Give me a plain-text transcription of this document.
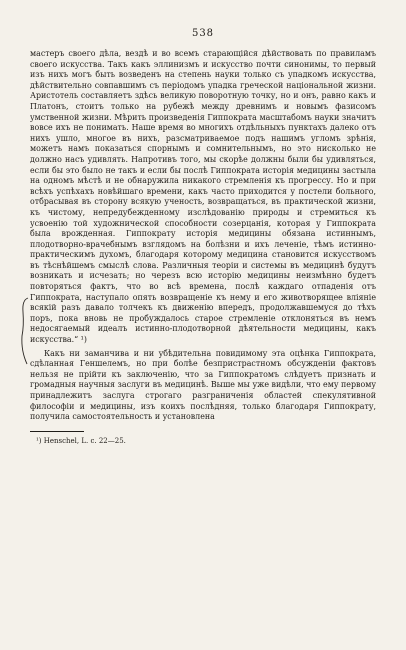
538

мастеръ своего дѣла, вездѣ и во всемъ старающійся дѣйствовать по правиламъ своего искусства. Такъ какъ эллинизмъ и искусство почти синонимы, то первый изъ нихъ могъ быть возведенъ на степень науки только съ упадкомъ искусства, дѣйствительно совпавшимъ съ періодомъ упадка греческой національной жизни. Аристотель составляетъ здѣсь великую поворотную точку, но и онъ, равно какъ и Платонъ, стоитъ только на рубежѣ между древнимъ и новымъ фазисомъ умственной жизни. Мѣрить произведенія Гиппократа масштабомъ науки значитъ вовсе ихъ не понимать. Наше время во многихъ отдѣльныхъ пунктахъ далеко отъ нихъ ушло, многое въ нихъ, разсматриваемое подъ нашимъ угломъ зрѣнія, можетъ намъ показаться спорнымъ и сомнительнымъ, но это нисколько не должно насъ удивлять. Напротивъ того, мы скорѣе должны были бы удивляться, если бы это было не такъ и если бы послѣ Гиппократа исторія медицины застыла на одномъ мѣстѣ и не обнаружила никакого стремленія къ прогрессу. Но и при всѣхъ успѣхахъ новѣйшаго времени, какъ часто приходится у постели больного, отбрасывая въ сторону всякую ученость, возвращаться, въ практической жизни, къ чистому, непредубежденному изслѣдованію природы и стремиться къ усвоенію той художнической способности созерцанія, которая у Гиппократа была врожденная. Гиппократу исторія медицины обязана истиннымъ, плодотворно-врачебнымъ взглядомъ на болѣзни и ихъ леченіе, тѣмъ истинно-практическимъ духомъ, благодаря которому медицина становится искусствомъ въ тѣснѣйшемъ смыслѣ слова. Различныя теоріи и системы въ медицинѣ будутъ возникать и исчезать; но черезъ всю исторію медицины неизмѣнно будетъ повторяться фактъ, что во всѣ времена, послѣ каждаго отпаденія отъ Гиппократа, наступало опять возвращеніе къ нему и его животворящее вліяніе всякій разъ давало толчекъ къ движенію впередъ, продолжавшемуся до тѣхъ поръ, пока вновь не пробуждалось старое стремленіе отклоняться въ немъ недосягаемый идеалъ истинно-плодотворной дѣятельности медицины, какъ искусства.“ ¹)

Какъ ни заманчива и ни убѣдительна повидимому эта оцѣнка Гиппократа, сдѣланная Геншелемъ, но при болѣе безпристрастномъ обсужденіи фактовъ нельзя не прійти къ заключенію, что за Гиппократомъ слѣдуетъ признать и громадныя научныя заслуги въ медицинѣ. Выше мы уже видѣли, что ему первому принадлежитъ заслуга строгаго разграниченія областей спекулятивной философіи и медицины, изъ коихъ послѣдняя, только благодаря Гиппократу, получила самостоятельность и установлена

¹) Henschel, L. c. 22—25.
